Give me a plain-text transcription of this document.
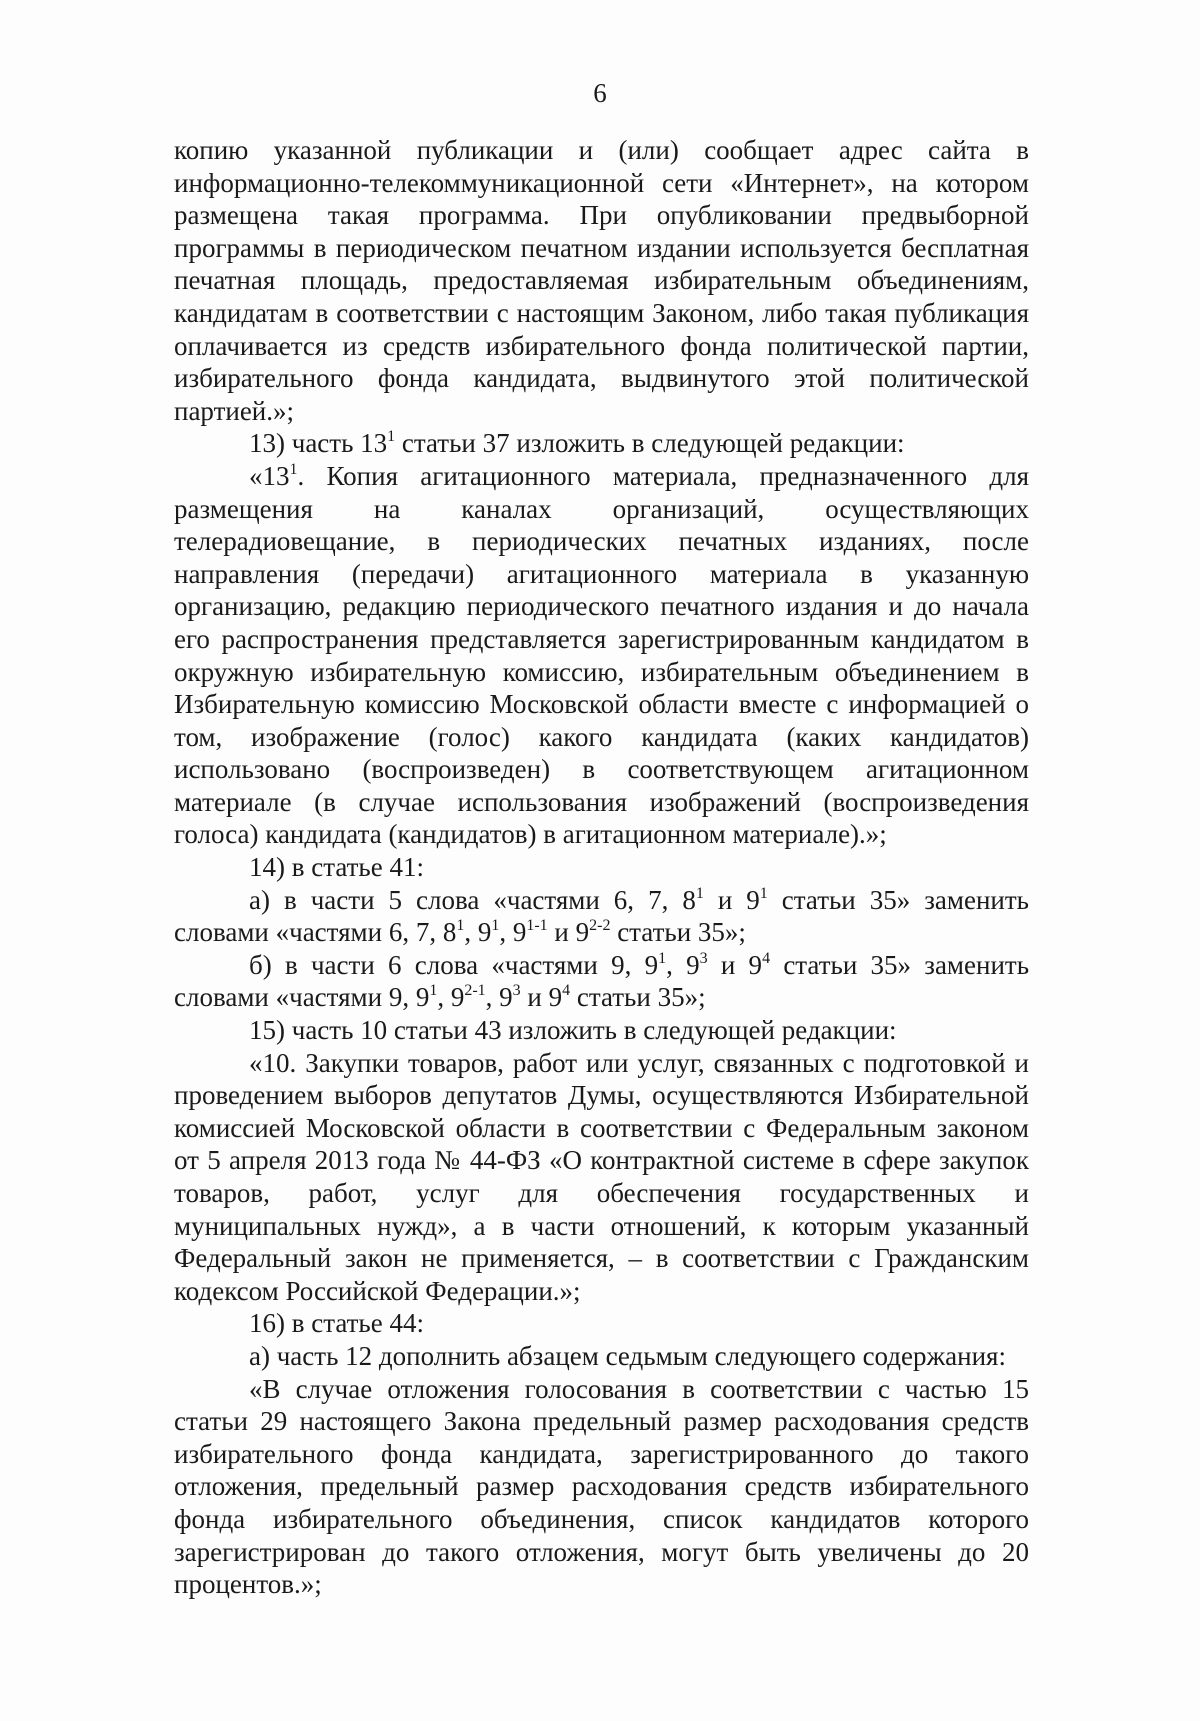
6

копию указанной публикации и (или) сообщает адрес сайта в информационно-телекоммуникационной сети «Интернет», на котором размещена такая программа. При опубликовании предвыборной программы в периодическом печатном издании используется бесплатная печатная площадь, предоставляемая избирательным объединениям, кандидатам в соответствии с настоящим Законом, либо такая публикация оплачивается из средств избирательного фонда политической партии, избирательного фонда кандидата, выдвинутого этой политической партией.»;

13) часть $13^1$ статьи 37 изложить в следующей редакции:

«$13^1$. Копия агитационного материала, предназначенного для размещения на каналах организаций, осуществляющих телерадиовещание, в периодических печатных изданиях, после направления (передачи) агитационного материала в указанную организацию, редакцию периодического печатного издания и до начала его распространения представляется зарегистрированным кандидатом в окружную избирательную комиссию, избирательным объединением в Избирательную комиссию Московской области вместе с информацией о том, изображение (голос) какого кандидата (каких кандидатов) использовано (воспроизведен) в соответствующем агитационном материале (в случае использования изображений (воспроизведения голоса) кандидата (кандидатов) в агитационном материале).»;

14) в статье 41:

а) в части 5 слова «частями 6, 7, $8^1$ и $9^1$ статьи 35» заменить словами «частями 6, 7, $8^1$, $9^1$, 9$^{1-1}$ и 9$^{2-2}$ статьи 35»;

б) в части 6 слова «частями 9, $9^1$, $9^3$ и $9^4$ статьи 35» заменить словами «частями 9, $9^1$, 9$^{2-1}$, $9^3$ и $9^4$ статьи 35»;

15) часть 10 статьи 43 изложить в следующей редакции:

«10. Закупки товаров, работ или услуг, связанных с подготовкой и проведением выборов депутатов Думы, осуществляются Избирательной комиссией Московской области в соответствии с Федеральным законом от 5 апреля 2013 года № 44-ФЗ «О контрактной системе в сфере закупок товаров, работ, услуг для обеспечения государственных и муниципальных нужд», а в части отношений, к которым указанный Федеральный закон не применяется, – в соответствии с Гражданским кодексом Российской Федерации.»;

16) в статье 44:

а) часть 12 дополнить абзацем седьмым следующего содержания:

«В случае отложения голосования в соответствии с частью 15 статьи 29 настоящего Закона предельный размер расходования средств избирательного фонда кандидата, зарегистрированного до такого отложения, предельный размер расходования средств избирательного фонда избирательного объединения, список кандидатов которого зарегистрирован до такого отложения, могут быть увеличены до 20 процентов.»;
